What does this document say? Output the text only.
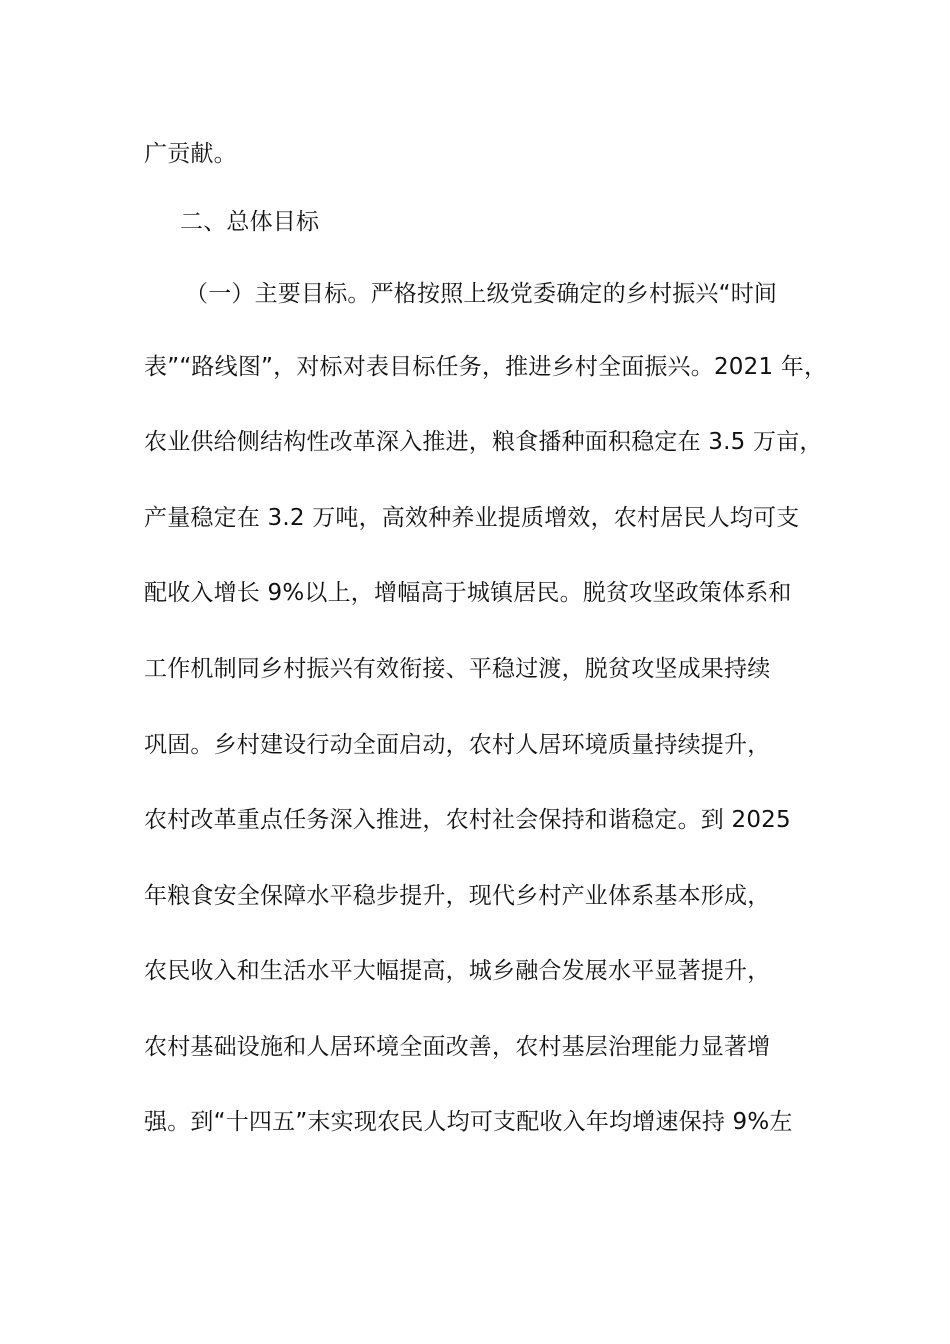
广贡献。
二、总体目标
（一）主要目标。严格按照上级党委确定的乡村振兴“时间
表”“路线图”，对标对表目标任务，推进乡村全面振兴。2021 年，
农业供给侧结构性改革深入推进，粮食播种面积稳定在 3.5 万亩，
产量稳定在 3.2 万吨，高效种养业提质增效，农村居民人均可支
配收入增长 9%以上，增幅高于城镇居民。脱贫攻坚政策体系和
工作机制同乡村振兴有效衔接、平稳过渡，脱贫攻坚成果持续
巩固。乡村建设行动全面启动，农村人居环境质量持续提升，
农村改革重点任务深入推进，农村社会保持和谐稳定。到 2025
年粮食安全保障水平稳步提升，现代乡村产业体系基本形成，
农民收入和生活水平大幅提高，城乡融合发展水平显著提升，
农村基础设施和人居环境全面改善，农村基层治理能力显著增
强。到“十四五”末实现农民人均可支配收入年均增速保持 9%左
